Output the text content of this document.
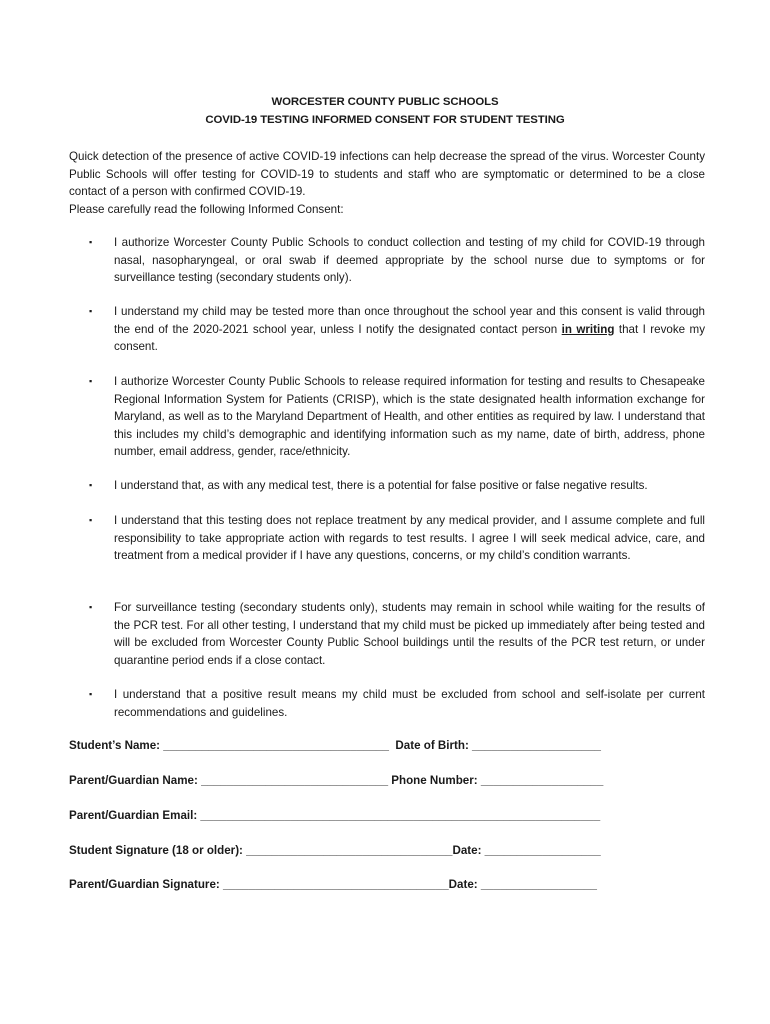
WORCESTER COUNTY PUBLIC SCHOOLS
COVID-19 TESTING INFORMED CONSENT FOR STUDENT TESTING
Quick detection of the presence of active COVID-19 infections can help decrease the spread of the virus. Worcester County Public Schools will offer testing for COVID-19 to students and staff who are symptomatic or determined to be a close contact of a person with confirmed COVID-19.
Please carefully read the following Informed Consent:
▪ I authorize Worcester County Public Schools to conduct collection and testing of my child for COVID-19 through nasal, nasopharyngeal, or oral swab if deemed appropriate by the school nurse due to symptoms or for surveillance testing (secondary students only).
▪ I understand my child may be tested more than once throughout the school year and this consent is valid through the end of the 2020-2021 school year, unless I notify the designated contact person in writing that I revoke my consent.
▪ I authorize Worcester County Public Schools to release required information for testing and results to Chesapeake Regional Information System for Patients (CRISP), which is the state designated health information exchange for Maryland, as well as to the Maryland Department of Health, and other entities as required by law. I understand that this includes my child’s demographic and identifying information such as my name, date of birth, address, phone number, email address, gender, race/ethnicity.
▪ I understand that, as with any medical test, there is a potential for false positive or false negative results.
▪ I understand that this testing does not replace treatment by any medical provider, and I assume complete and full responsibility to take appropriate action with regards to test results. I agree I will seek medical advice, care, and treatment from a medical provider if I have any questions, concerns, or my child’s condition warrants.
▪ For surveillance testing (secondary students only), students may remain in school while waiting for the results of the PCR test. For all other testing, I understand that my child must be picked up immediately after being tested and will be excluded from Worcester County Public School buildings until the results of the PCR test return, or under quarantine period ends if a close contact.
▪ I understand that a positive result means my child must be excluded from school and self-isolate per current recommendations and guidelines.
Student’s Name: ___________________________________  Date of Birth: ____________________
Parent/Guardian Name: _____________________________ Phone Number: ___________________
Parent/Guardian Email: ______________________________________________________________
Student Signature (18 or older): ________________________________Date: __________________
Parent/Guardian Signature: ___________________________________Date: __________________
